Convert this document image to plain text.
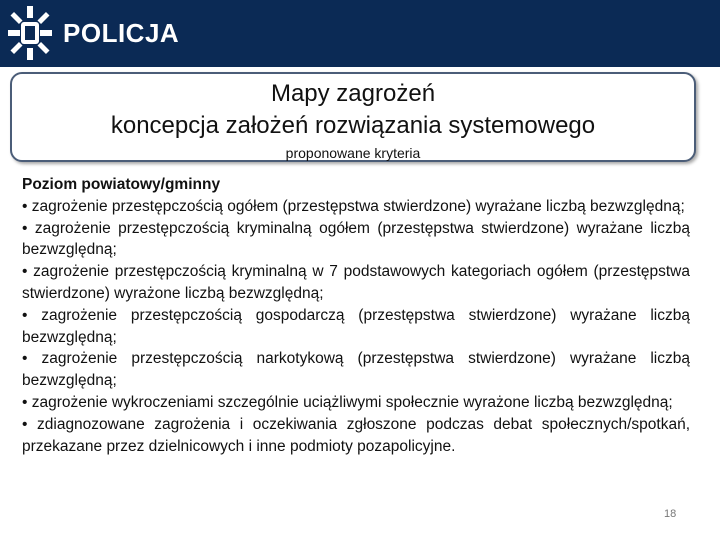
POLICJA
Mapy zagrożeń
koncepcja założeń rozwiązania systemowego
proponowane kryteria
Poziom powiatowy/gminny
• zagrożenie przestępczością ogółem (przestępstwa stwierdzone) wyrażane liczbą bezwzględną;
• zagrożenie przestępczością kryminalną ogółem (przestępstwa stwierdzone) wyrażane liczbą bezwzględną;
• zagrożenie przestępczością kryminalną w 7 podstawowych kategoriach ogółem (przestępstwa stwierdzone) wyrażone liczbą bezwzględną;
• zagrożenie przestępczością gospodarczą (przestępstwa stwierdzone) wyrażane liczbą bezwzględną;
• zagrożenie przestępczością narkotykową (przestępstwa stwierdzone) wyrażane liczbą bezwzględną;
• zagrożenie wykroczeniami szczególnie uciążliwymi społecznie wyrażone liczbą bezwzględną;
• zdiagnozowane zagrożenia i oczekiwania zgłoszone podczas debat społecznych/spotkań, przekazane przez dzielnicowych i inne podmioty pozapolicyjne.
18
